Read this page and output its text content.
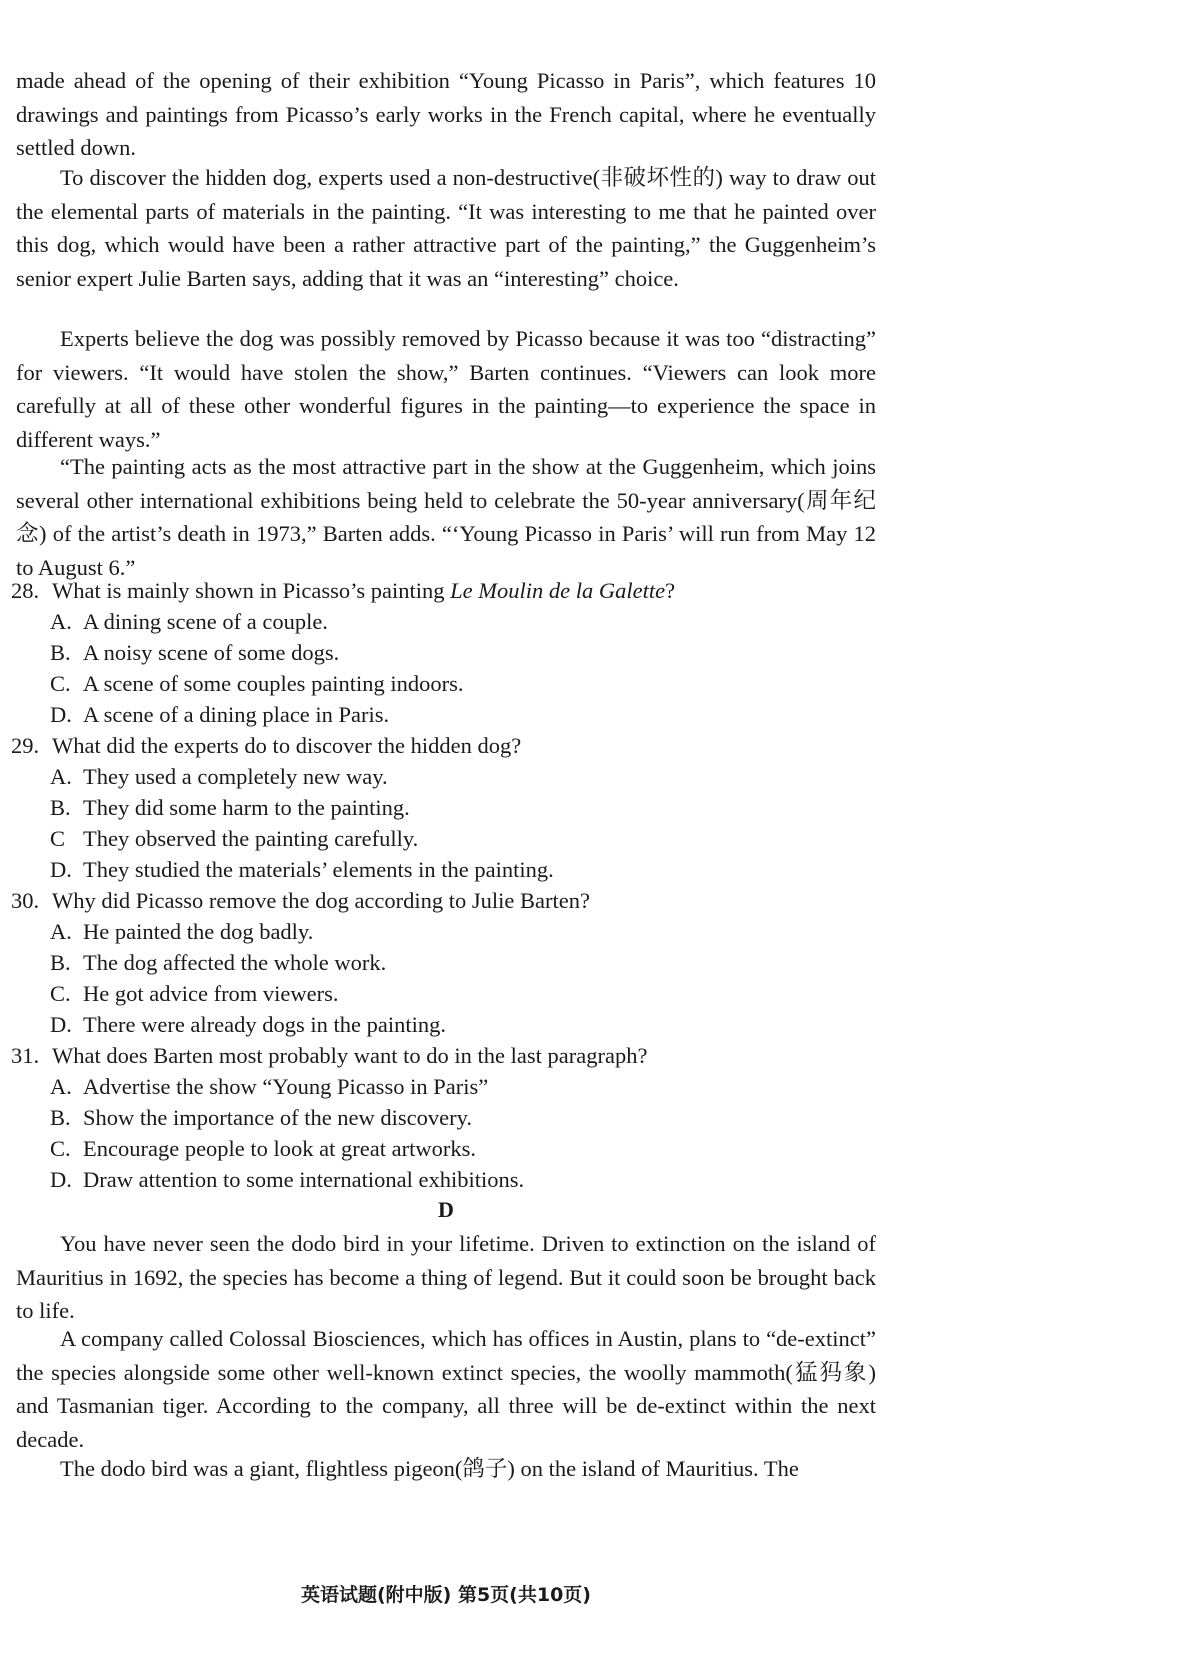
made ahead of the opening of their exhibition “Young Picasso in Paris”, which features 10 drawings and paintings from Picasso’s early works in the French capital, where he eventually settled down.

To discover the hidden dog, experts used a non-destructive(非破坏性的) way to draw out the elemental parts of materials in the painting. “It was interesting to me that he painted over this dog, which would have been a rather attractive part of the painting,” the Guggenheim’s senior expert Julie Barten says, adding that it was an “interesting” choice.

Experts believe the dog was possibly removed by Picasso because it was too “distracting” for viewers. “It would have stolen the show,” Barten continues. “Viewers can look more carefully at all of these other wonderful figures in the painting—to experience the space in different ways.”

“The painting acts as the most attractive part in the show at the Guggenheim, which joins several other international exhibitions being held to celebrate the 50-year anniversary(周年纪念) of the artist’s death in 1973,” Barten adds. “‘Young Picasso in Paris’ will run from May 12 to August 6.”

28. What is mainly shown in Picasso’s painting Le Moulin de la Galette?

A. A dining scene of a couple.

B. A noisy scene of some dogs.

C. A scene of some couples painting indoors.

D. A scene of a dining place in Paris.

29. What did the experts do to discover the hidden dog?

A. They used a completely new way.

B. They did some harm to the painting.

C They observed the painting carefully.

D. They studied the materials’ elements in the painting.

30. Why did Picasso remove the dog according to Julie Barten?

A. He painted the dog badly.

B. The dog affected the whole work.

C. He got advice from viewers.

D. There were already dogs in the painting.

31. What does Barten most probably want to do in the last paragraph?

A. Advertise the show “Young Picasso in Paris”

B. Show the importance of the new discovery.

C. Encourage people to look at great artworks.

D. Draw attention to some international exhibitions.

D

You have never seen the dodo bird in your lifetime. Driven to extinction on the island of Mauritius in 1692, the species has become a thing of legend. But it could soon be brought back to life.

A company called Colossal Biosciences, which has offices in Austin, plans to “de-extinct” the species alongside some other well-known extinct species, the woolly mammoth(猛犸象) and Tasmanian tiger. According to the company, all three will be de-extinct within the next decade.

The dodo bird was a giant, flightless pigeon(鸽子) on the island of Mauritius. The

英语试题(附中版) 第5页(共10页)
